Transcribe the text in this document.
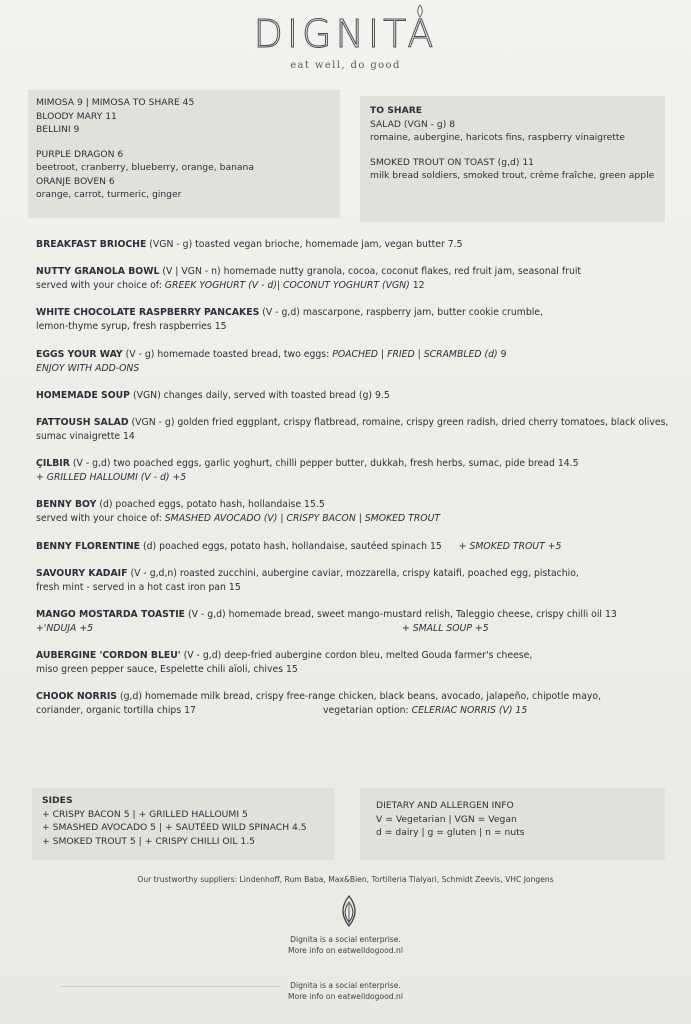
DIGNITA
eat well, do good
MIMOSA 9 | MIMOSA TO SHARE 45
BLOODY MARY 11
BELLINI 9
PURPLE DRAGON 6
beetroot, cranberry, blueberry, orange, banana
ORANJE BOVEN 6
orange, carrot, turmeric, ginger
TO SHARE
SALAD (VGN - g) 8
romaine, aubergine, haricots fins, raspberry vinaigrette
SMOKED TROUT ON TOAST (g,d) 11
milk bread soldiers, smoked trout, crème fraîche, green apple
BREAKFAST BRIOCHE (VGN - g) toasted vegan brioche, homemade jam, vegan butter 7.5
NUTTY GRANOLA BOWL (V | VGN - n) homemade nutty granola, cocoa, coconut flakes, red fruit jam, seasonal fruit
served with your choice of: GREEK YOGHURT (V - d)| COCONUT YOGHURT (VGN) 12
WHITE CHOCOLATE RASPBERRY PANCAKES (V - g,d) mascarpone, raspberry jam, butter cookie crumble,
lemon-thyme syrup, fresh raspberries 15
EGGS YOUR WAY (V - g) homemade toasted bread, two eggs: POACHED | FRIED | SCRAMBLED (d) 9
ENJOY WITH ADD-ONS
HOMEMADE SOUP (VGN) changes daily, served with toasted bread (g) 9.5
FATTOUSH SALAD (VGN - g) golden fried eggplant, crispy flatbread, romaine, crispy green radish, dried cherry tomatoes, black olives,
sumac vinaigrette 14
ÇILBIR (V - g,d) two poached eggs, garlic yoghurt, chilli pepper butter, dukkah, fresh herbs, sumac, pide bread 14.5
+ GRILLED HALLOUMI (V - d) +5
BENNY BOY (d) poached eggs, potato hash, hollandaise 15.5
served with your choice of: SMASHED AVOCADO (V) | CRISPY BACON | SMOKED TROUT
BENNY FLORENTINE (d) poached eggs, potato hash, hollandaise, sautéed spinach 15 + SMOKED TROUT +5
SAVOURY KADAIF (V - g,d,n) roasted zucchini, aubergine caviar, mozzarella, crispy kataifi, poached egg, pistachio,
fresh mint - served in a hot cast iron pan 15
MANGO MOSTARDA TOASTIE (V - g,d) homemade bread, sweet mango-mustard relish, Taleggio cheese, crispy chilli oil 13
+'NDUJA +5	+ SMALL SOUP +5
AUBERGINE 'CORDON BLEU' (V - g,d) deep-fried aubergine cordon bleu, melted Gouda farmer's cheese,
miso green pepper sauce, Espelette chili aïoli, chives 15
CHOOK NORRIS (g,d) homemade milk bread, crispy free-range chicken, black beans, avocado, jalapeño, chipotle mayo,
coriander, organic tortilla chips 17	vegetarian option: CELERIAC NORRIS (V) 15
SIDES
+ CRISPY BACON 5 | + GRILLED HALLOUMI 5
+ SMASHED AVOCADO 5 | + SAUTÉED WILD SPINACH 4.5
+ SMOKED TROUT 5 | + CRISPY CHILLI OIL 1.5
DIETARY AND ALLERGEN INFO
V = Vegetarian | VGN = Vegan
d = dairy | g = gluten | n = nuts
Our trustworthy suppliers: Lindenhoff, Rum Baba, Max&Bien, Tortilleria Tlalyari, Schmidt Zeevis, VHC Jongens
Dignita is a social enterprise.
More info on eatwelldogood.nl
Dignita is a social enterprise.
More info on eatwelldogood.nl
